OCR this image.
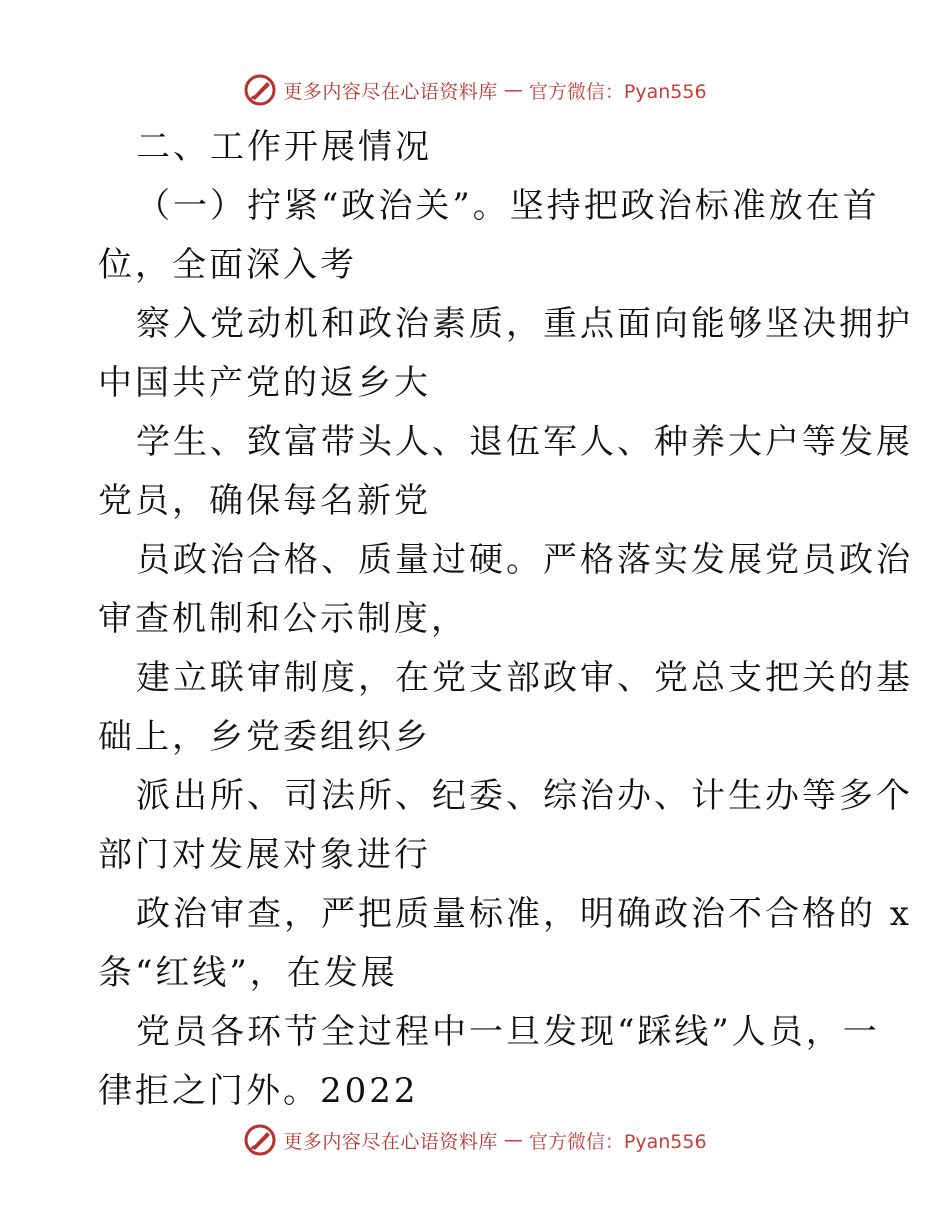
更多内容尽在心语资料库 — 官方微信：Pyan556
二、工作开展情况
（一）拧紧“政治关”。坚持把政治标准放在首
位，全面深入考
察入党动机和政治素质，重点面向能够坚决拥护
中国共产党的返乡大
学生、致富带头人、退伍军人、种养大户等发展
党员，确保每名新党
员政治合格、质量过硬。严格落实发展党员政治
审查机制和公示制度，
建立联审制度，在党支部政审、党总支把关的基
础上，乡党委组织乡
派出所、司法所、纪委、综治办、计生办等多个
部门对发展对象进行
政治审查，严把质量标准，明确政治不合格的 x
条“红线”，在发展
党员各环节全过程中一旦发现“踩线”人员，一
律拒之门外。2022
更多内容尽在心语资料库 — 官方微信：Pyan556
